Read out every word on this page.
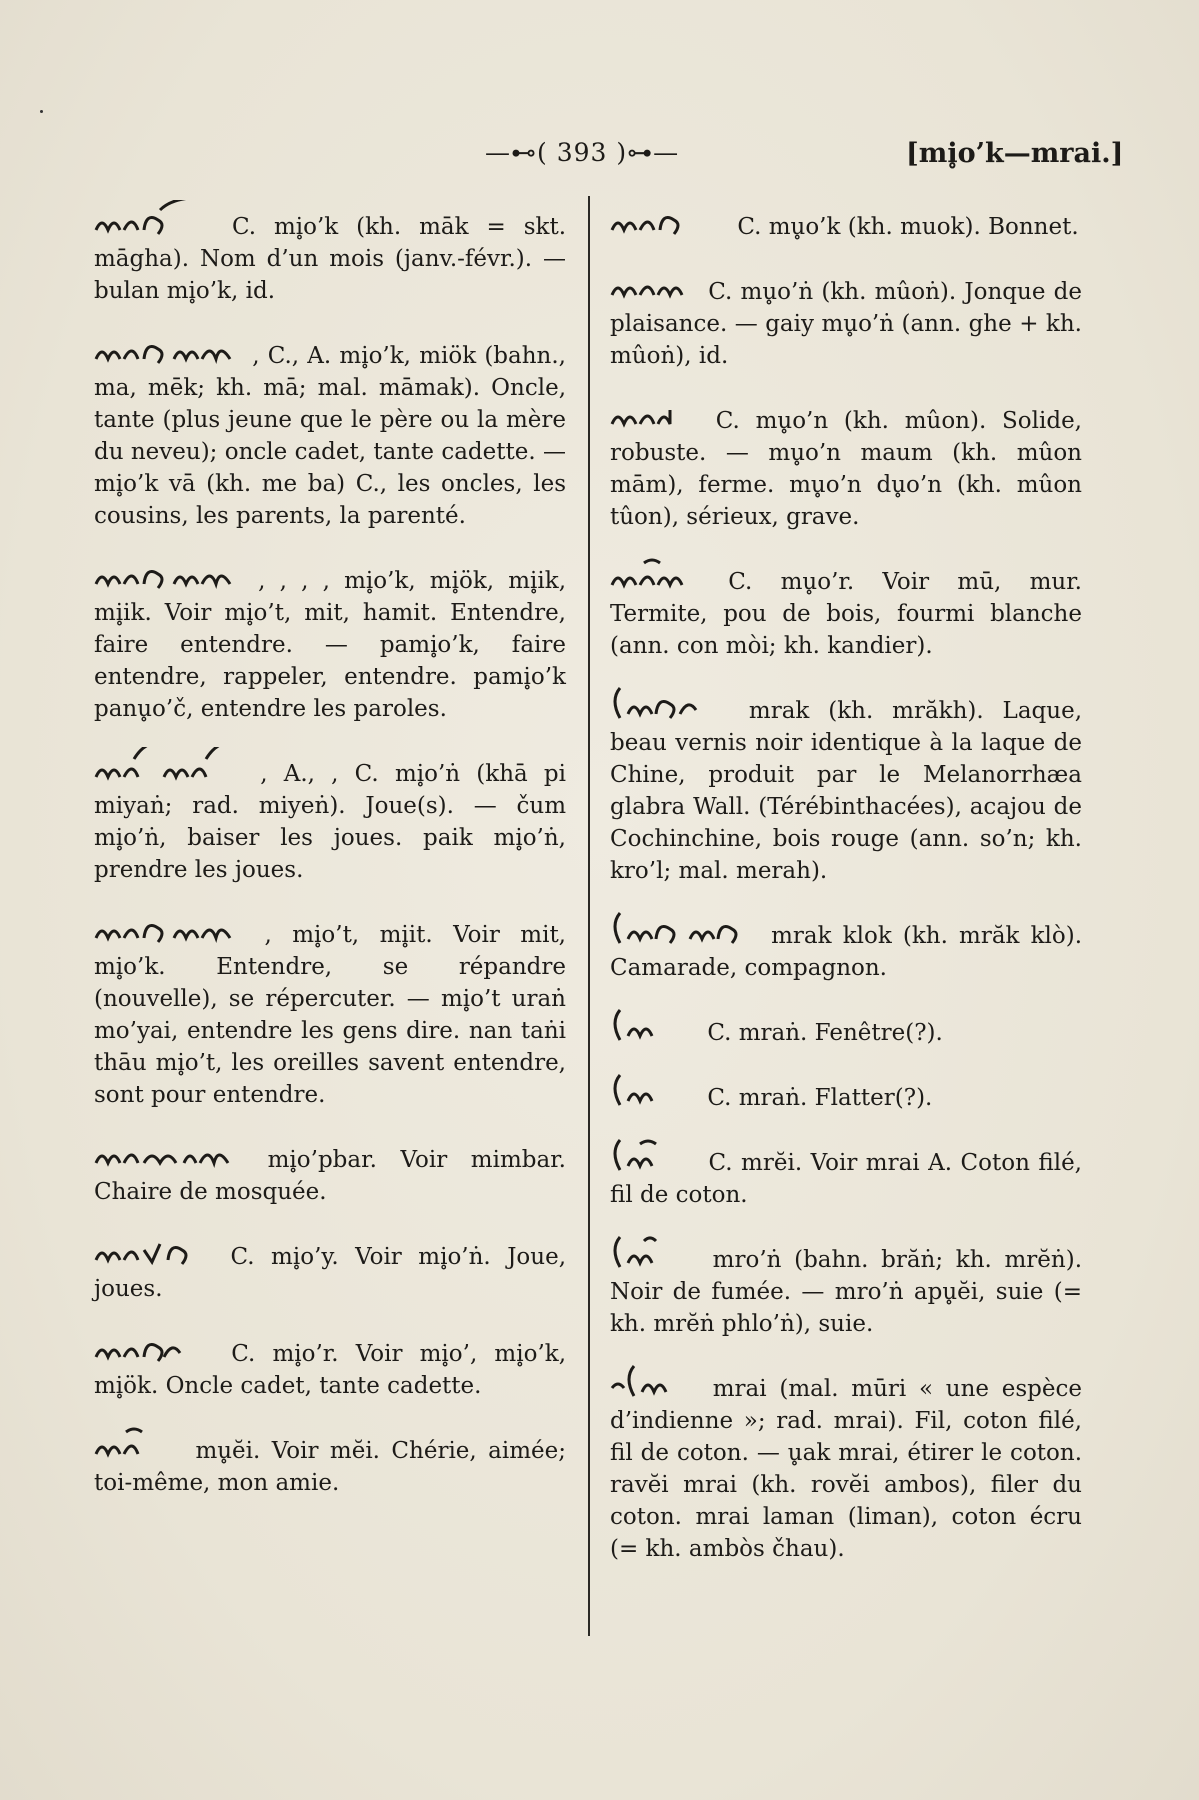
—⊷( 393 )⊶—	[mi̥o’k—mrai.]
C. mi̥o’k (kh. māk = skt. māgha). Nom d’un mois (janv.-févr.). — bulan mi̥o’k, id.
, C., A. mi̥o’k, miök (bahn., ma, mēk; kh. mā; mal. māmak). Oncle, tante (plus jeune que le père ou la mère du neveu); oncle cadet, tante cadette. — mi̥o’k vā (kh. me ba) C., les oncles, les cousins, les parents, la parenté.
, , , , mi̥o’k, mi̥ök, mi̥ik, mi̥ik. Voir mi̥o’t, mit, hamit. Entendre, faire entendre. — pami̥o’k, faire entendre, rappeler, entendre. pami̥o’k panu̥o’č, entendre les paroles.
, A., , C. mi̥o’ṅ (khā pi miyaṅ; rad. miyeṅ). Joue(s). — čum mi̥o’ṅ, baiser les joues. paik mi̥o’ṅ, prendre les joues.
, mi̥o’t, mi̥it. Voir mit, mi̥o’k. Entendre, se répandre (nouvelle), se répercuter. — mi̥o’t uraṅ mo’yai, entendre les gens dire. nan taṅi thāu mi̥o’t, les oreilles savent entendre, sont pour entendre.
mi̥o’pbar. Voir mimbar. Chaire de mosquée.
C. mi̥o’y. Voir mi̥o’ṅ. Joue, joues.
C. mi̥o’r. Voir mi̥o’, mi̥o’k, mi̥ök. Oncle cadet, tante cadette.
mu̥ĕi. Voir mĕi. Chérie, aimée; toi-même, mon amie.
C. mu̥o’k (kh. muok). Bonnet.
C. mu̥o’ṅ (kh. mûoṅ). Jonque de plaisance. — gaiy mu̥o’ṅ (ann. ghe + kh. mûoṅ), id.
C. mu̥o’n (kh. mûon). Solide, robuste. — mu̥o’n maum (kh. mûon mām), ferme. mu̥o’n du̥o’n (kh. mûon tûon), sérieux, grave.
C. mu̥o’r. Voir mū, mur. Termite, pou de bois, fourmi blanche (ann. con mòi; kh. kandier).
mrak (kh. mrăkh). Laque, beau vernis noir identique à la laque de Chine, produit par le Melanorrhæa glabra Wall. (Térébinthacées), acajou de Cochinchine, bois rouge (ann. so’n; kh. kro’l; mal. merah).
mrak klok (kh. mrăk klò). Camarade, compagnon.
C. mraṅ. Fenêtre(?).
C. mraṅ. Flatter(?).
C. mrĕi. Voir mrai A. Coton filé, fil de coton.
mro’ṅ (bahn. brăṅ; kh. mrĕṅ). Noir de fumée. — mro’ṅ apu̥ĕi, suie (= kh. mrĕṅ phlo’ṅ), suie.
mrai (mal. mūri « une espèce d’indienne »; rad. mrai). Fil, coton filé, fil de coton. — u̥ak mrai, étirer le coton. ravĕi mrai (kh. rovĕi ambos), filer du coton. mrai laman (liman), coton écru (= kh. ambòs čhau).
